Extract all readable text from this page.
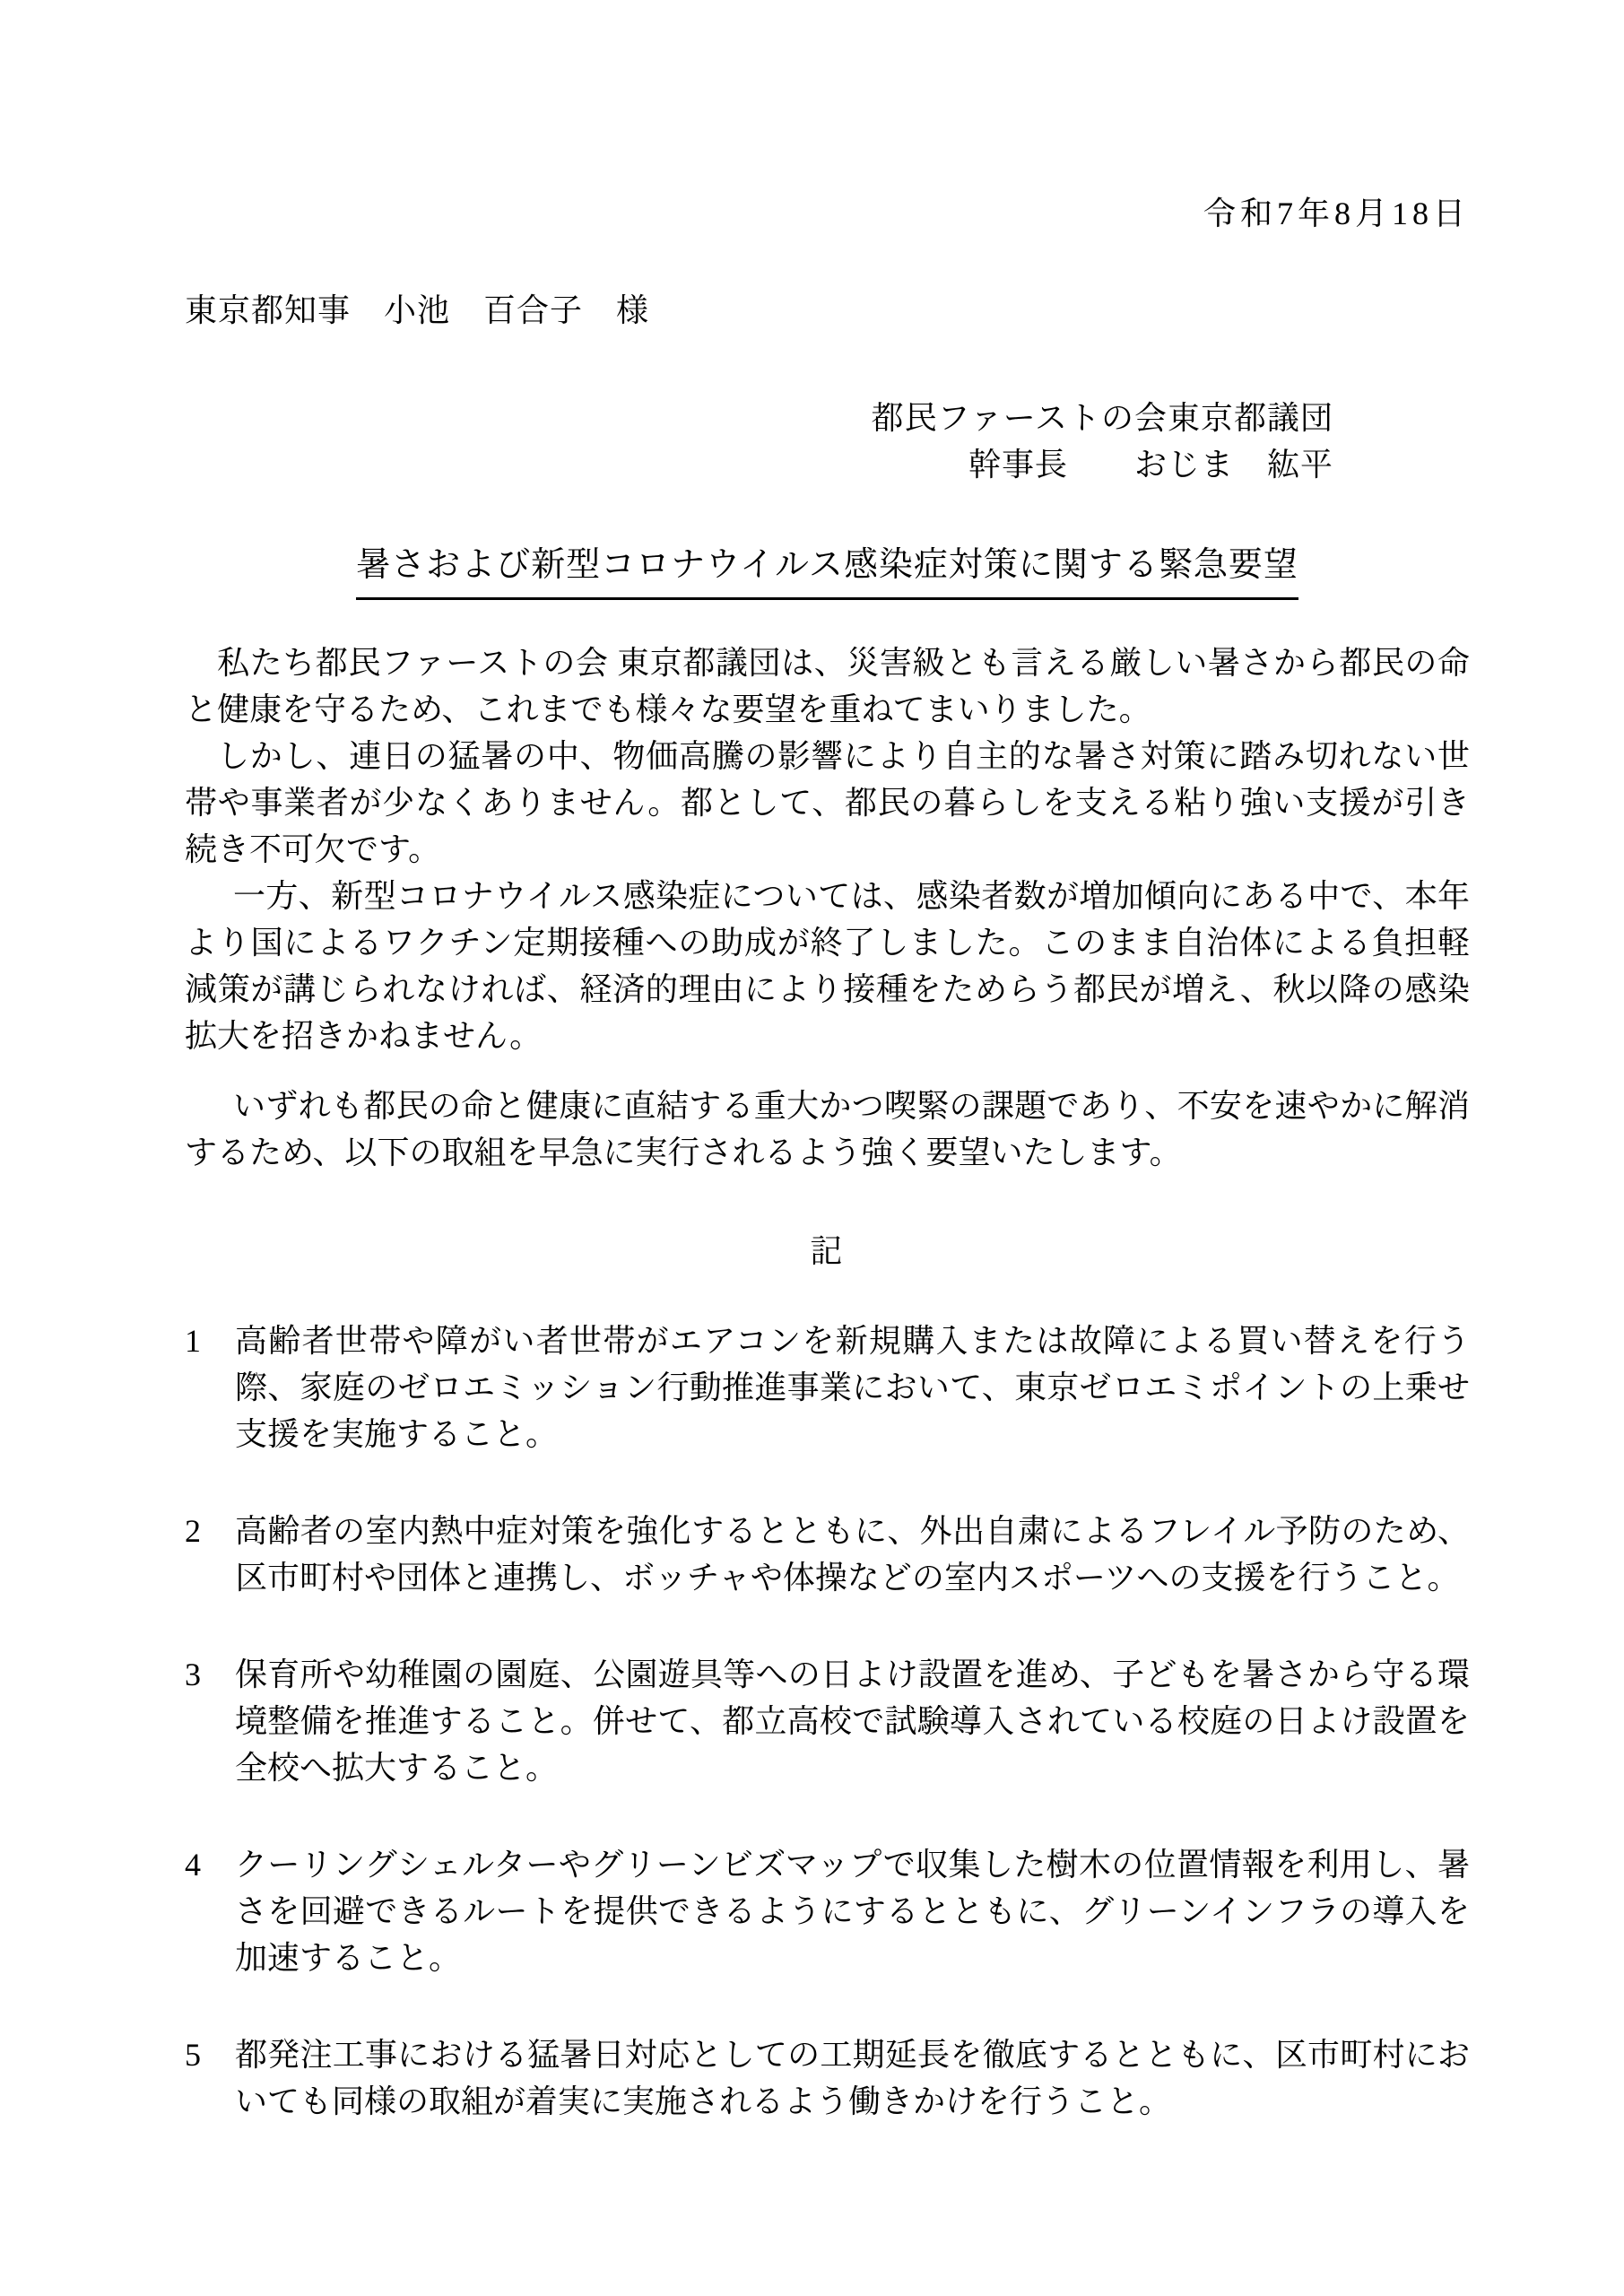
令和7年8月18日
東京都知事　小池　百合子　様
都民ファーストの会東京都議団
幹事長　　おじま　紘平
暑さおよび新型コロナウイルス感染症対策に関する緊急要望

私たち都民ファーストの会 東京都議団は、災害級とも言える厳しい暑さから都民の命と健康を守るため、これまでも様々な要望を重ねてまいりました。

しかし、連日の猛暑の中、物価高騰の影響により自主的な暑さ対策に踏み切れない世帯や事業者が少なくありません。都として、都民の暮らしを支える粘り強い支援が引き続き不可欠です。

一方、新型コロナウイルス感染症については、感染者数が増加傾向にある中で、本年より国によるワクチン定期接種への助成が終了しました。このまま自治体による負担軽減策が講じられなければ、経済的理由により接種をためらう都民が増え、秋以降の感染拡大を招きかねません。

いずれも都民の命と健康に直結する重大かつ喫緊の課題であり、不安を速やかに解消するため、以下の取組を早急に実行されるよう強く要望いたします。

記
1	高齢者世帯や障がい者世帯がエアコンを新規購入または故障による買い替えを行う際、家庭のゼロエミッション行動推進事業において、東京ゼロエミポイントの上乗せ支援を実施すること。
2	高齢者の室内熱中症対策を強化するとともに、外出自粛によるフレイル予防のため、区市町村や団体と連携し、ボッチャや体操などの室内スポーツへの支援を行うこと。
3	保育所や幼稚園の園庭、公園遊具等への日よけ設置を進め、子どもを暑さから守る環境整備を推進すること。併せて、都立高校で試験導入されている校庭の日よけ設置を全校へ拡大すること。
4	クーリングシェルターやグリーンビズマップで収集した樹木の位置情報を利用し、暑さを回避できるルートを提供できるようにするとともに、グリーンインフラの導入を加速すること。
5	都発注工事における猛暑日対応としての工期延長を徹底するとともに、区市町村においても同様の取組が着実に実施されるよう働きかけを行うこと。
